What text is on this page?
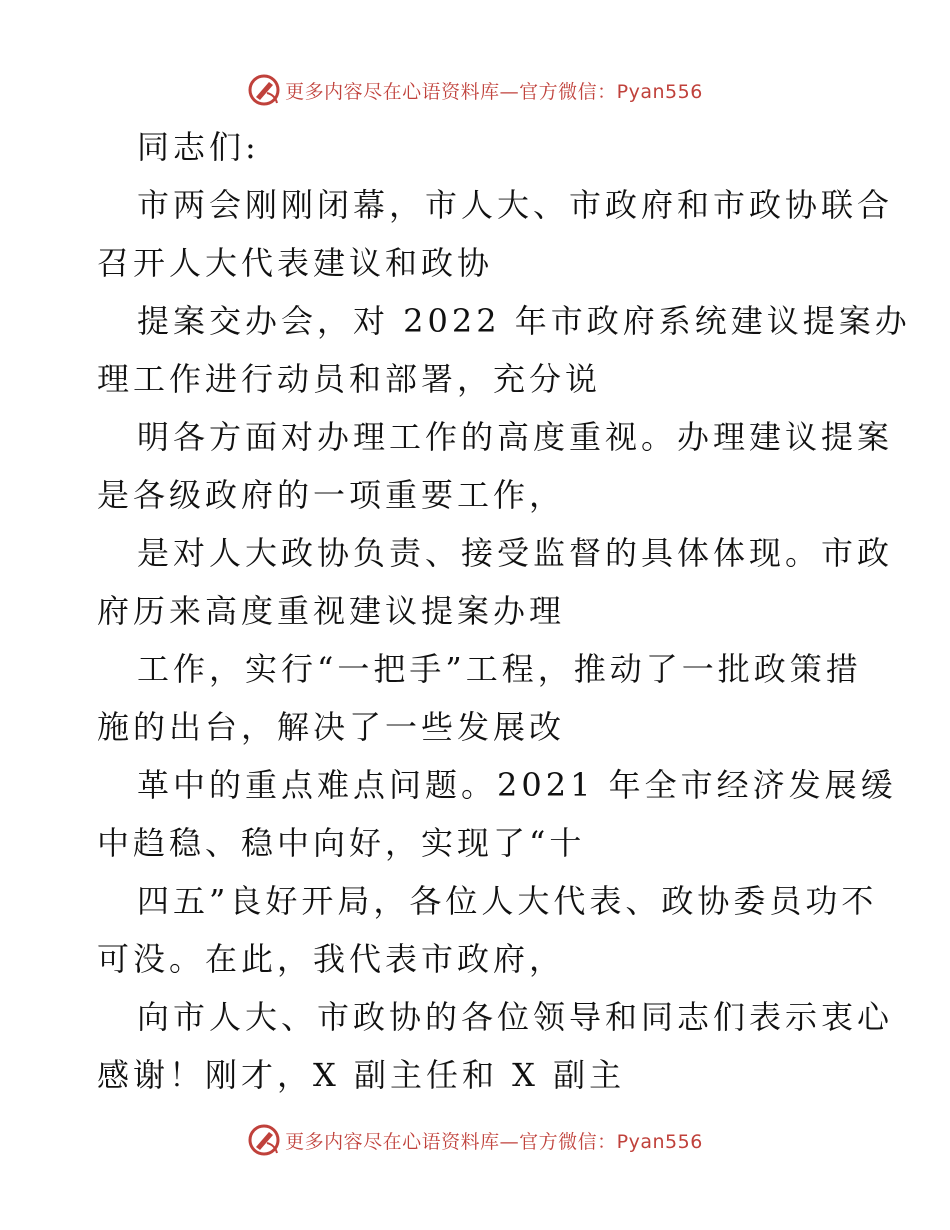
更多内容尽在心语资料库—官方微信：Pyan556
同志们:
市两会刚刚闭幕，市人大、市政府和市政协联合
召开人大代表建议和政协
提案交办会，对 2022 年市政府系统建议提案办
理工作进行动员和部署，充分说
明各方面对办理工作的高度重视。办理建议提案
是各级政府的一项重要工作，
是对人大政协负责、接受监督的具体体现。市政
府历来高度重视建议提案办理
工作，实行“一把手”工程，推动了一批政策措
施的出台，解决了一些发展改
革中的重点难点问题。2021 年全市经济发展缓
中趋稳、稳中向好，实现了“十
四五”良好开局，各位人大代表、政协委员功不
可没。在此，我代表市政府，
向市人大、市政协的各位领导和同志们表示衷心
感谢！刚才，X 副主任和 X 副主
更多内容尽在心语资料库—官方微信：Pyan556
